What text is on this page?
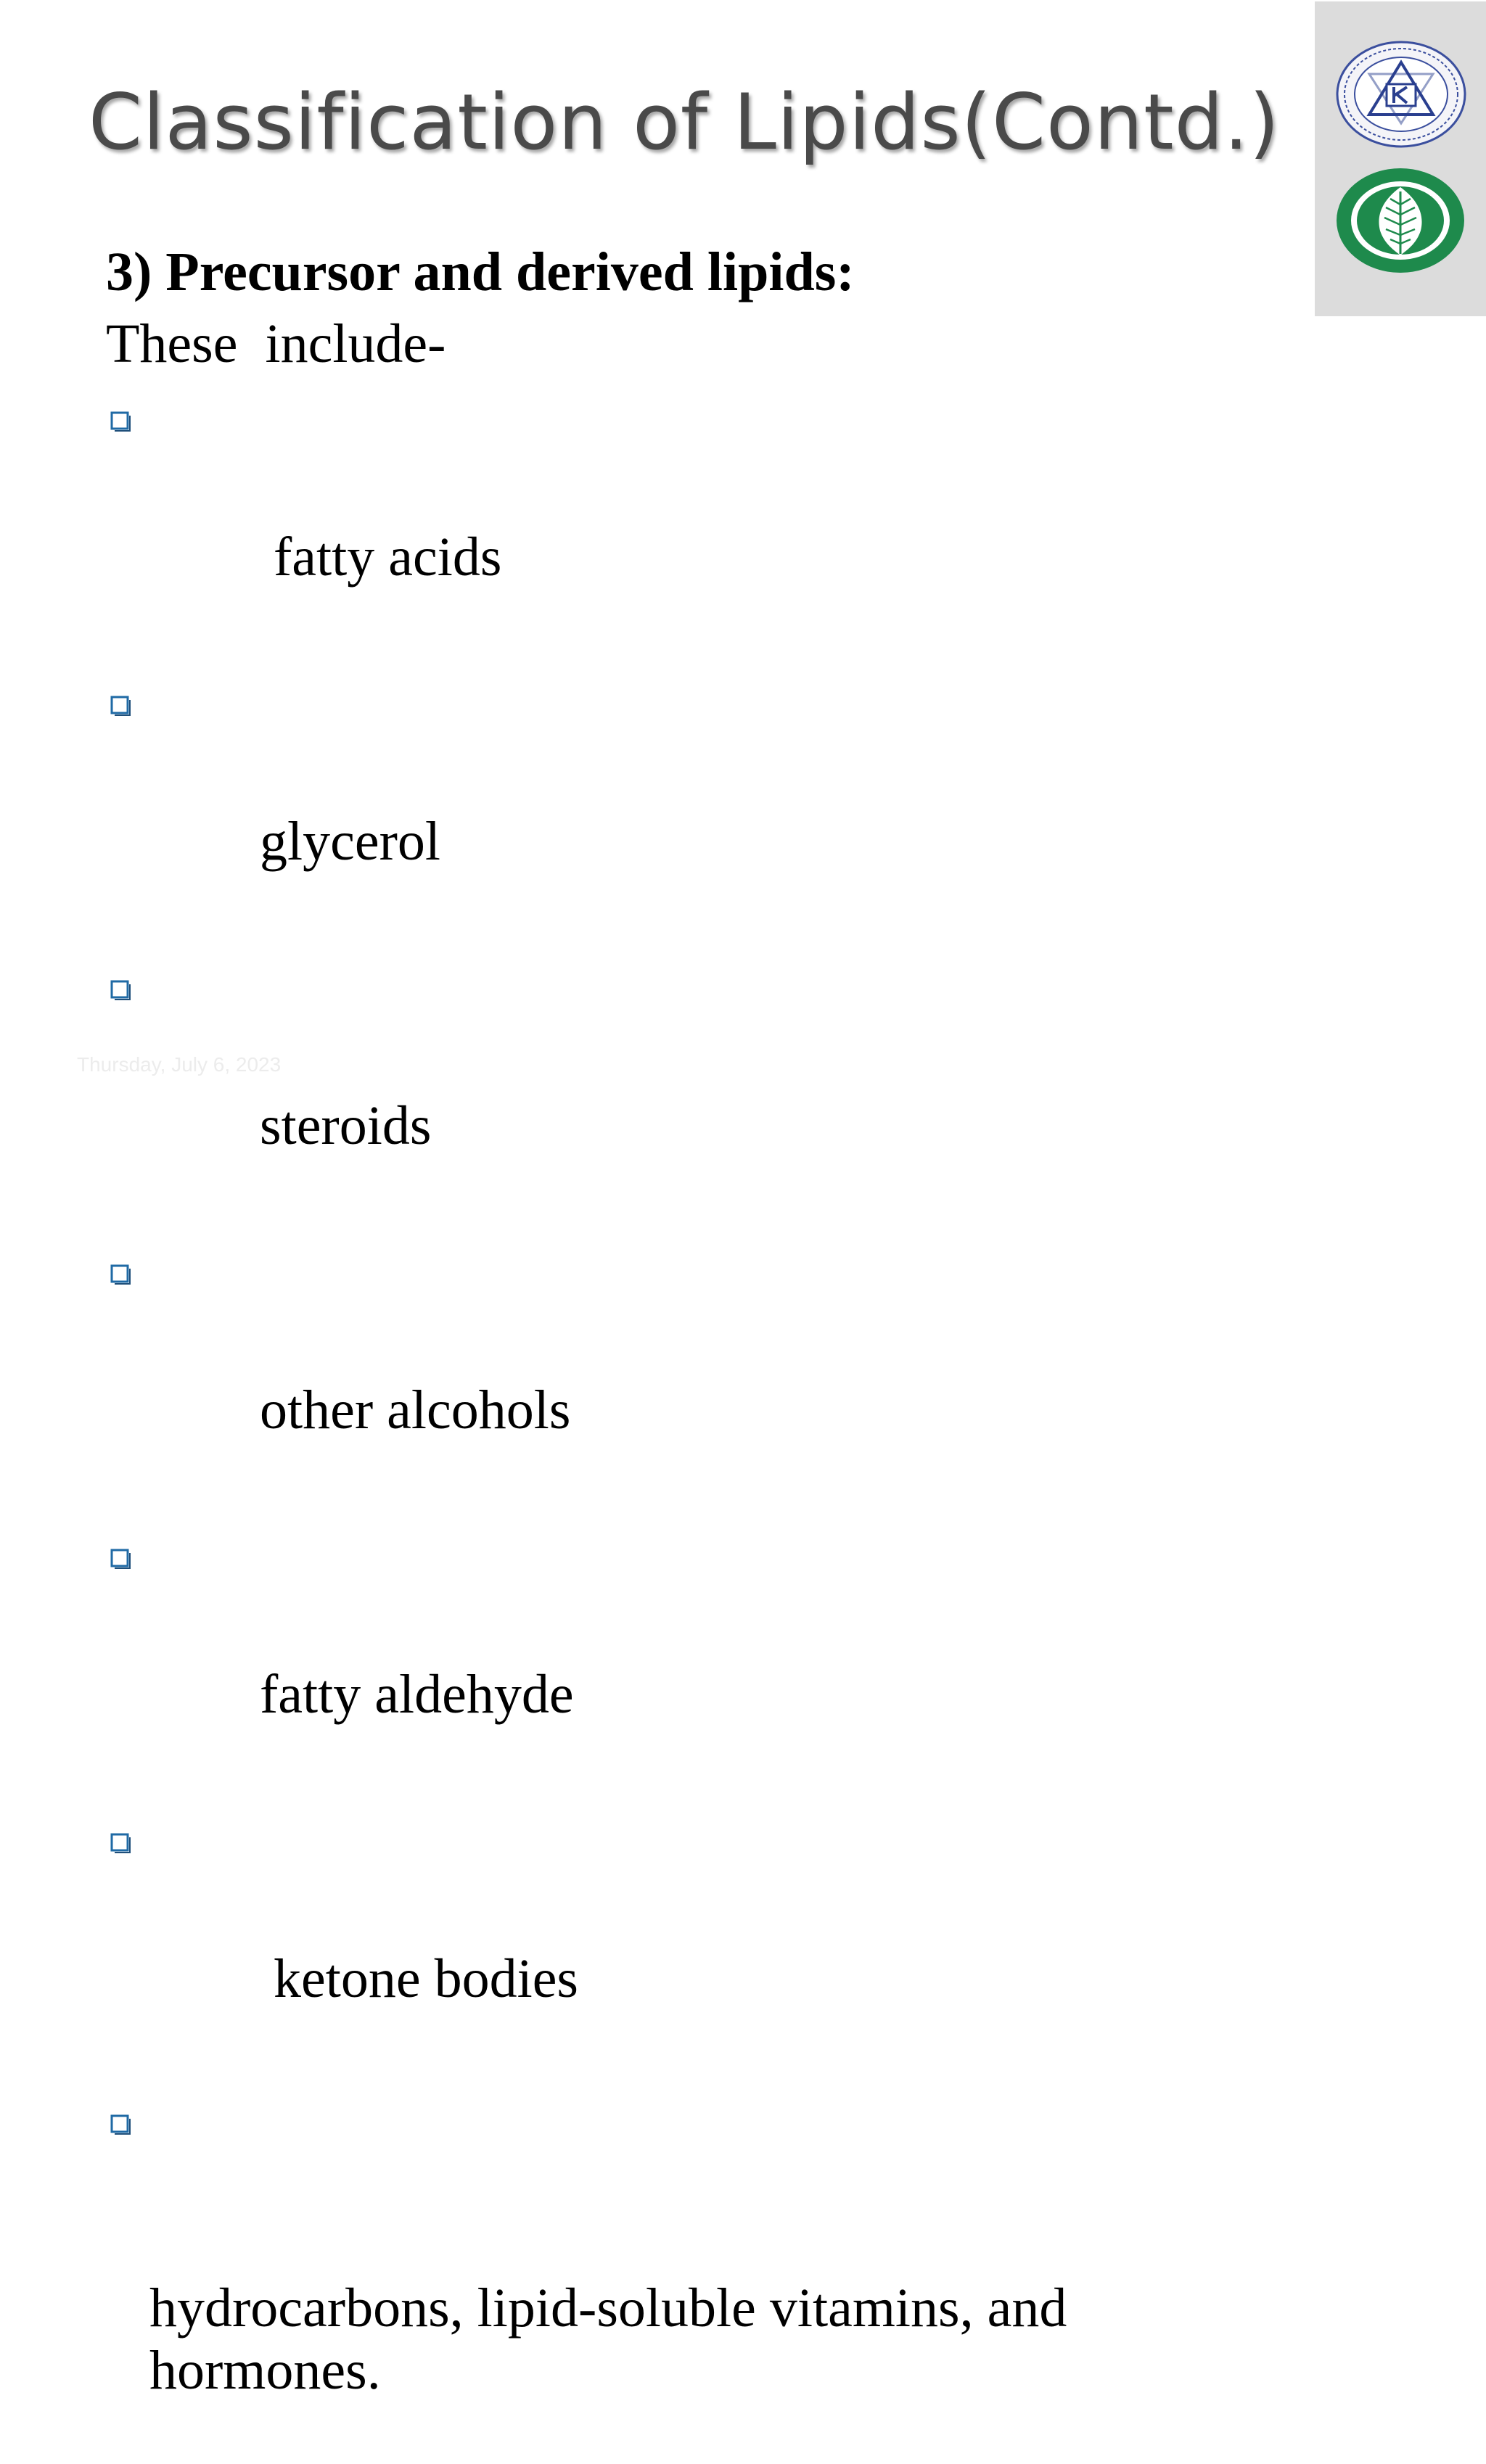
Classification of Lipids(Contd.)

3) Precursor and derived lipids:

These  include-

fatty acids

glycerol

steroids

other alcohols

fatty aldehyde

ketone bodies

hydrocarbons, lipid-soluble vitamins, and hormones.

Thursday, July 6, 2023
